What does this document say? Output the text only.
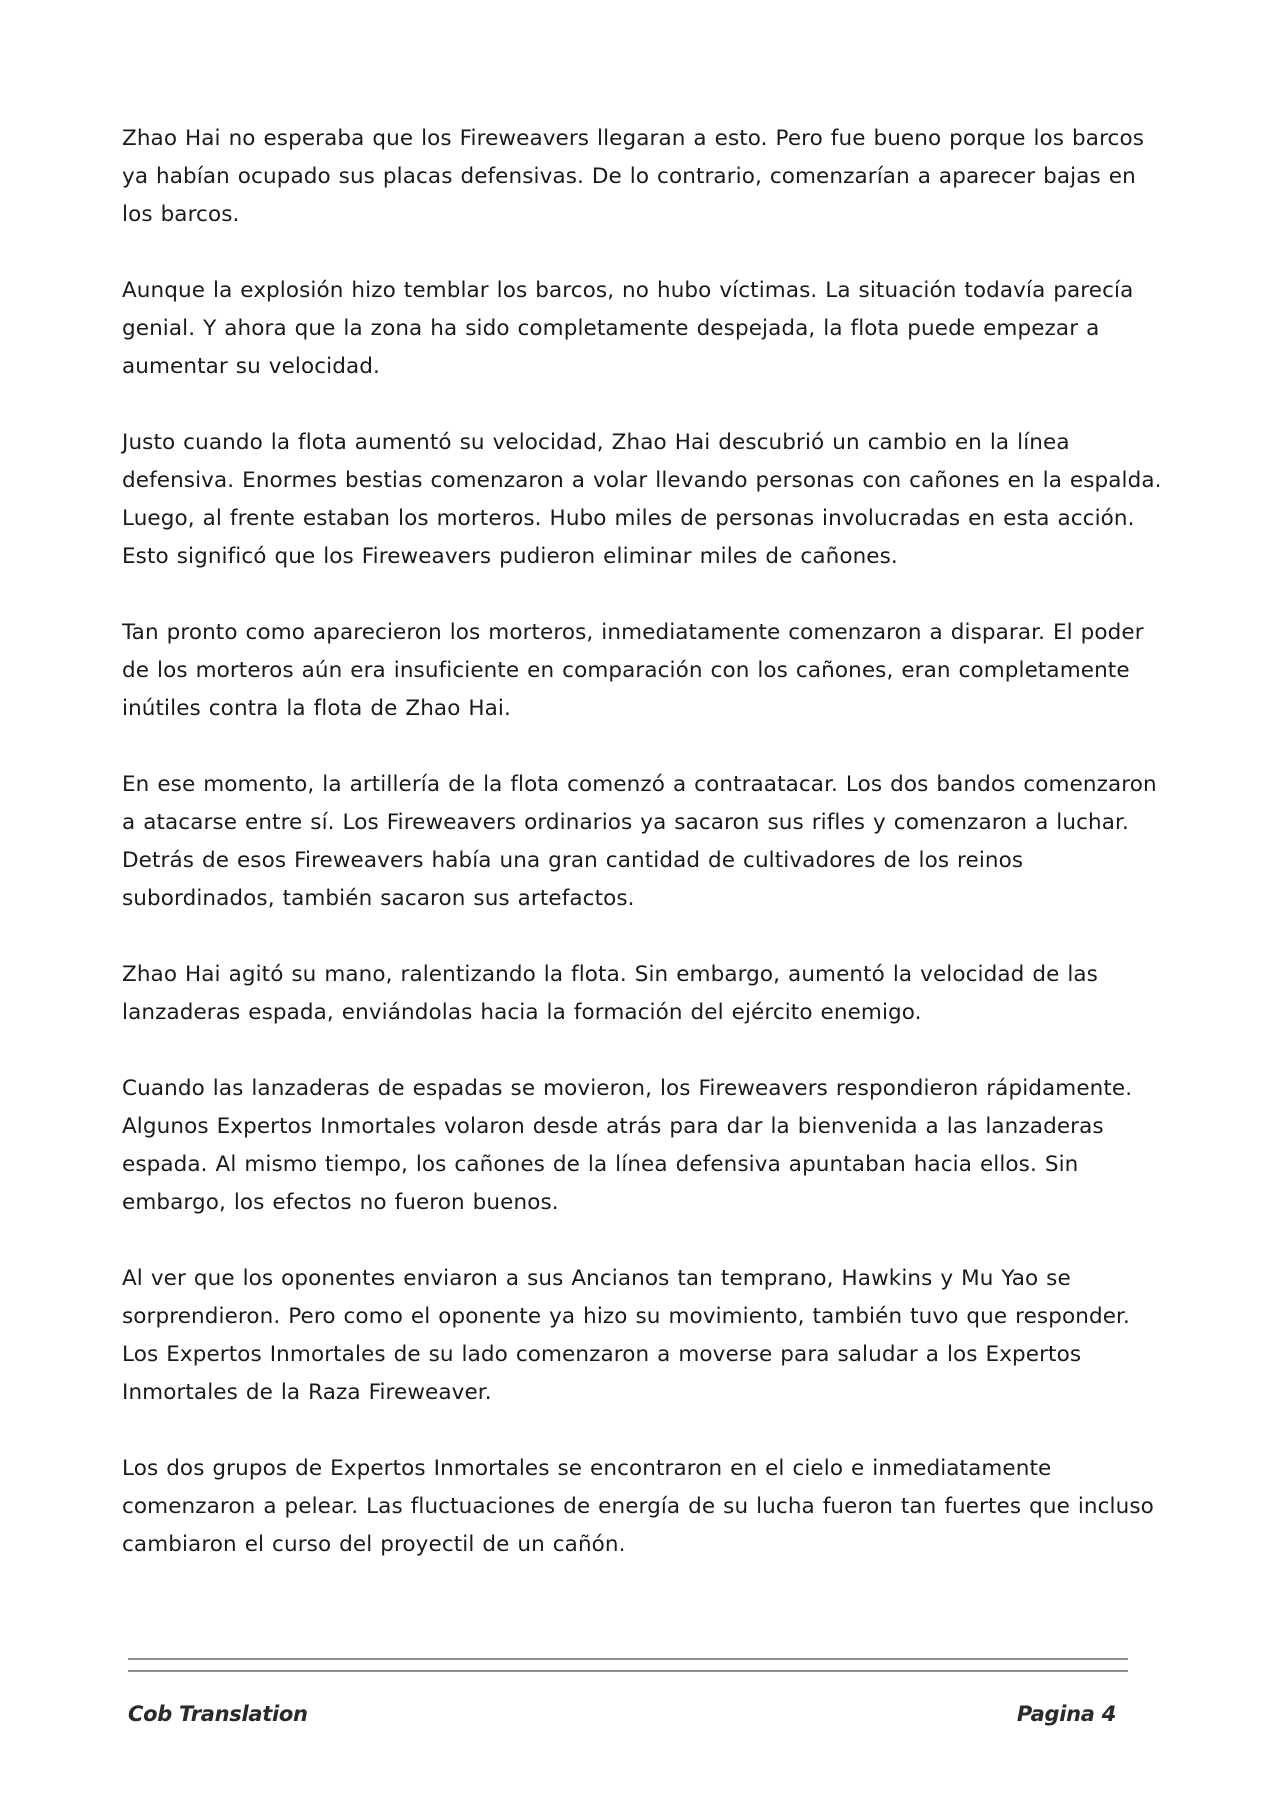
Zhao Hai no esperaba que los Fireweavers llegaran a esto. Pero fue bueno porque los barcos ya habían ocupado sus placas defensivas. De lo contrario, comenzarían a aparecer bajas en los barcos.

Aunque la explosión hizo temblar los barcos, no hubo víctimas. La situación todavía parecía genial. Y ahora que la zona ha sido completamente despejada, la flota puede empezar a aumentar su velocidad.

Justo cuando la flota aumentó su velocidad, Zhao Hai descubrió un cambio en la línea defensiva. Enormes bestias comenzaron a volar llevando personas con cañones en la espalda. Luego, al frente estaban los morteros. Hubo miles de personas involucradas en esta acción. Esto significó que los Fireweavers pudieron eliminar miles de cañones.

Tan pronto como aparecieron los morteros, inmediatamente comenzaron a disparar. El poder de los morteros aún era insuficiente en comparación con los cañones, eran completamente inútiles contra la flota de Zhao Hai.

En ese momento, la artillería de la flota comenzó a contraatacar. Los dos bandos comenzaron a atacarse entre sí. Los Fireweavers ordinarios ya sacaron sus rifles y comenzaron a luchar. Detrás de esos Fireweavers había una gran cantidad de cultivadores de los reinos subordinados, también sacaron sus artefactos.

Zhao Hai agitó su mano, ralentizando la flota. Sin embargo, aumentó la velocidad de las lanzaderas espada, enviándolas hacia la formación del ejército enemigo.

Cuando las lanzaderas de espadas se movieron, los Fireweavers respondieron rápidamente. Algunos Expertos Inmortales volaron desde atrás para dar la bienvenida a las lanzaderas espada. Al mismo tiempo, los cañones de la línea defensiva apuntaban hacia ellos. Sin embargo, los efectos no fueron buenos.

Al ver que los oponentes enviaron a sus Ancianos tan temprano, Hawkins y Mu Yao se sorprendieron. Pero como el oponente ya hizo su movimiento, también tuvo que responder. Los Expertos Inmortales de su lado comenzaron a moverse para saludar a los Expertos Inmortales de la Raza Fireweaver.

Los dos grupos de Expertos Inmortales se encontraron en el cielo e inmediatamente comenzaron a pelear. Las fluctuaciones de energía de su lucha fueron tan fuertes que incluso cambiaron el curso del proyectil de un cañón.

Cob Translation	Pagina 4
